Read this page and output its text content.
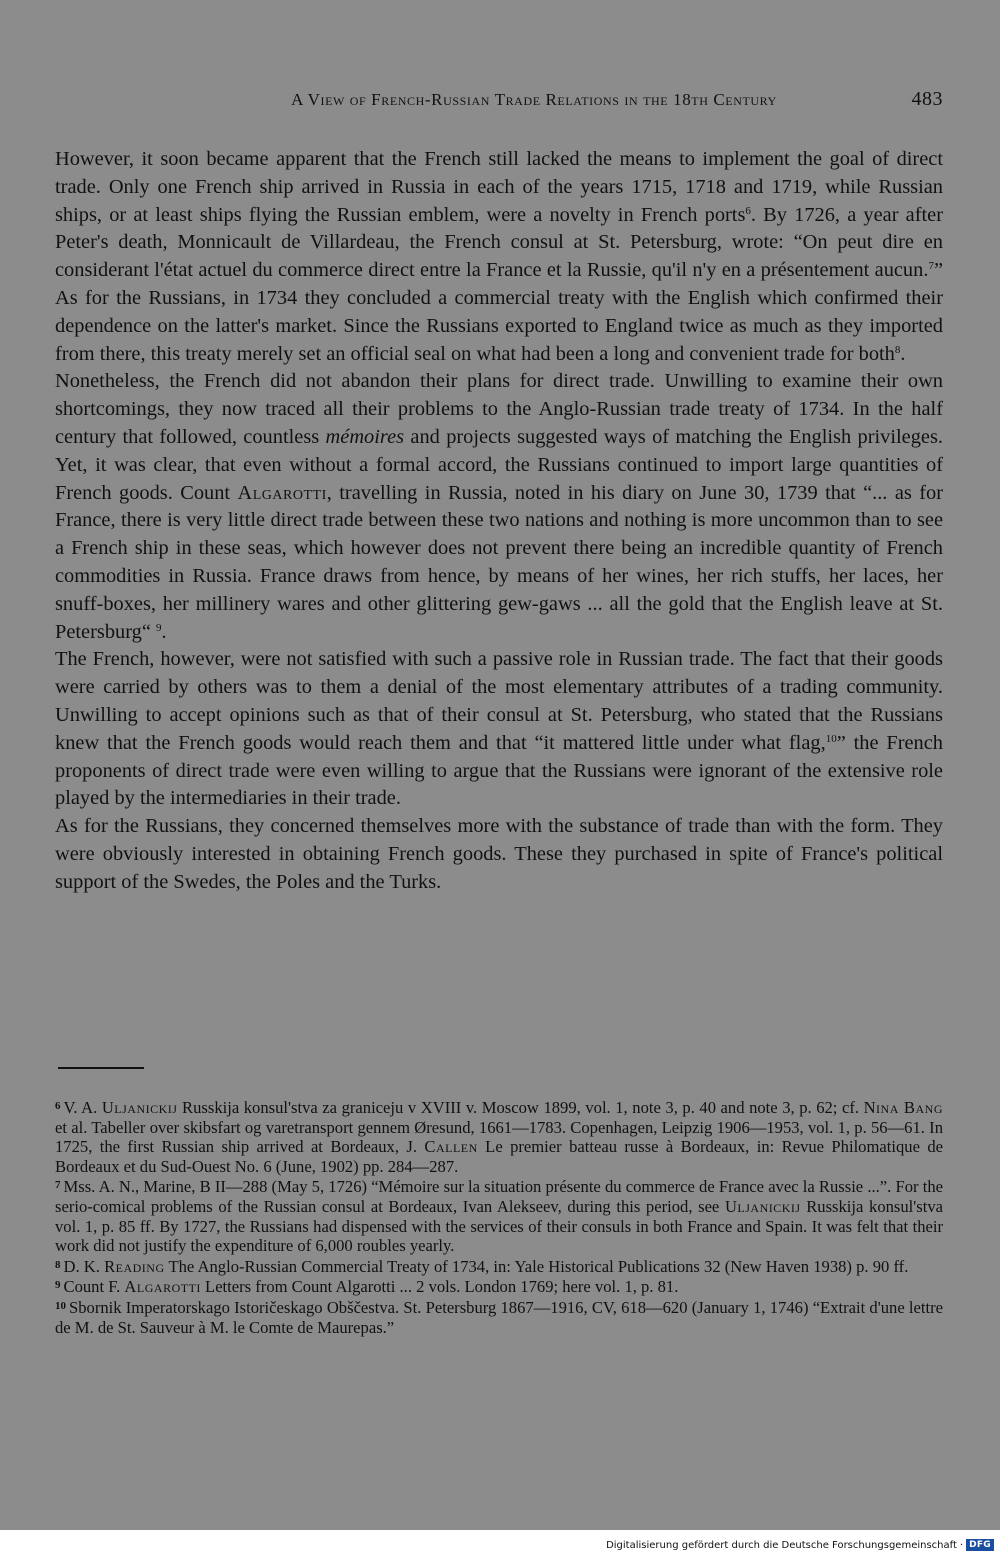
A View of French-Russian Trade Relations in the 18th Century	483

However, it soon became apparent that the French still lacked the means to implement the goal of direct trade. Only one French ship arrived in Russia in each of the years 1715, 1718 and 1719, while Russian ships, or at least ships flying the Russian emblem, were a novelty in French ports$^6$. By 1726, a year after Peter's death, Monnicault de Villardeau, the French consul at St. Petersburg, wrote: “On peut dire en considerant l'état actuel du commerce direct entre la France et la Russie, qu'il n'y en a présentement aucun.$^7$” As for the Russians, in 1734 they concluded a commercial treaty with the English which confirmed their dependence on the latter's market. Since the Russians exported to England twice as much as they imported from there, this treaty merely set an official seal on what had been a long and convenient trade for both$^8$.

Nonetheless, the French did not abandon their plans for direct trade. Unwilling to examine their own shortcomings, they now traced all their problems to the Anglo-Russian trade treaty of 1734. In the half century that followed, countless mémoires and projects suggested ways of matching the English privileges. Yet, it was clear, that even without a formal accord, the Russians continued to import large quantities of French goods. Count Algarotti, travelling in Russia, noted in his diary on June 30, 1739 that “... as for France, there is very little direct trade between these two nations and nothing is more uncommon than to see a French ship in these seas, which however does not prevent there being an incredible quantity of French commodities in Russia. France draws from hence, by means of her wines, her rich stuffs, her laces, her snuff-boxes, her millinery wares and other glittering gew-gaws ... all the gold that the English leave at St. Petersburg“ $^9$.

The French, however, were not satisfied with such a passive role in Russian trade. The fact that their goods were carried by others was to them a denial of the most elementary attributes of a trading community. Unwilling to accept opinions such as that of their consul at St. Petersburg, who stated that the Russians knew that the French goods would reach them and that “it mattered little under what flag,$^{10}$” the French proponents of direct trade were even willing to argue that the Russians were ignorant of the extensive role played by the intermediaries in their trade.

As for the Russians, they concerned themselves more with the substance of trade than with the form. They were obviously interested in obtaining French goods. These they purchased in spite of France's political support of the Swedes, the Poles and the Turks.

$^6$ V. A. Uljanickij Russkija konsul'stva za graniceju v XVIII v. Moscow 1899, vol. 1, note 3, p. 40 and note 3, p. 62; cf. Nina Bang et al. Tabeller over skibsfart og varetransport gennem Øresund, 1661—1783. Copenhagen, Leipzig 1906—1953, vol. 1, p. 56—61. In 1725, the first Russian ship arrived at Bordeaux, J. Callen Le premier batteau russe à Bordeaux, in: Revue Philomatique de Bordeaux et du Sud-Ouest No. 6 (June, 1902) pp. 284—287.

$^7$ Mss. A. N., Marine, B II—288 (May 5, 1726) “Mémoire sur la situation présente du commerce de France avec la Russie ...”. For the serio-comical problems of the Russian consul at Bordeaux, Ivan Alekseev, during this period, see Uljanickij Russkija konsul'stva vol. 1, p. 85 ff. By 1727, the Russians had dispensed with the services of their consuls in both France and Spain. It was felt that their work did not justify the expenditure of 6,000 roubles yearly.

$^8$ D. K. Reading The Anglo-Russian Commercial Treaty of 1734, in: Yale Historical Publications 32 (New Haven 1938) p. 90 ff.

$^9$ Count F. Algarotti Letters from Count Algarotti ... 2 vols. London 1769; here vol. 1, p. 81.

$^{10}$ Sbornik Imperatorskago Istoričeskago Obščestva. St. Petersburg 1867—1916, CV, 618—620 (January 1, 1746) “Extrait d'une lettre de M. de St. Sauveur à M. le Comte de Maurepas.”

Digitalisierung gefördert durch die Deutsche Forschungsgemeinschaft · DFG
